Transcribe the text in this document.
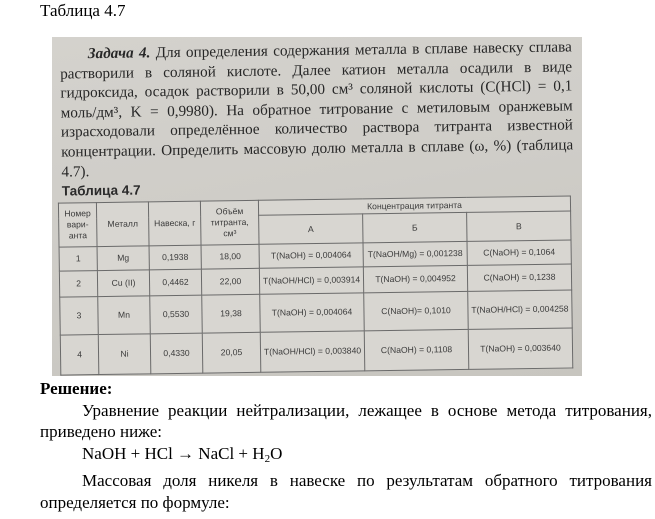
Таблица 4.7
Задача 4. Для определения содержания металла в сплаве навеску сплава растворили в соляной кислоте. Далее катион металла осадили в виде гидроксида, осадок растворили в 50,00 см³ соляной кислоты (С(HCl) = 0,1 моль/дм³, K = 0,9980). На обратное титрование с метиловым оранжевым израсходовали определённое количество раствора титранта известной концентрации. Определить массовую долю металла в сплаве (ω, %) (таблица 4.7).
Таблица 4.7
Номер вари-анта	Металл	Навеска, г	Объём титранта, см³	Концентрация титранта		
				А	Б	В
1	Mg	0,1938	18,00	Т(NaOH) = 0,004064	Т(NaOH/Mg) = 0,001238	С(NaOH) = 0,1064
2	Cu (II)	0,4462	22,00	Т(NaOH/HCl) = 0,003914	Т(NaOH) = 0,004952	С(NaOH) = 0,1238
3	Mn	0,5530	19,38	Т(NaOH) = 0,004064	С(NaOH)= 0,1010	Т(NaOH/HCl) = 0,004258
4	Ni	0,4330	20,05	Т(NaOH/HCl) = 0,003840	С(NaOH) = 0,1108	Т(NaOH) = 0,003640
Решение:

Уравнение реакции нейтрализации, лежащее в основе метода титрования, приведено ниже:

NaOH + HCl → NaCl + $H_2O$

Массовая доля никеля в навеске по результатам обратного титрования определяется по формуле:
